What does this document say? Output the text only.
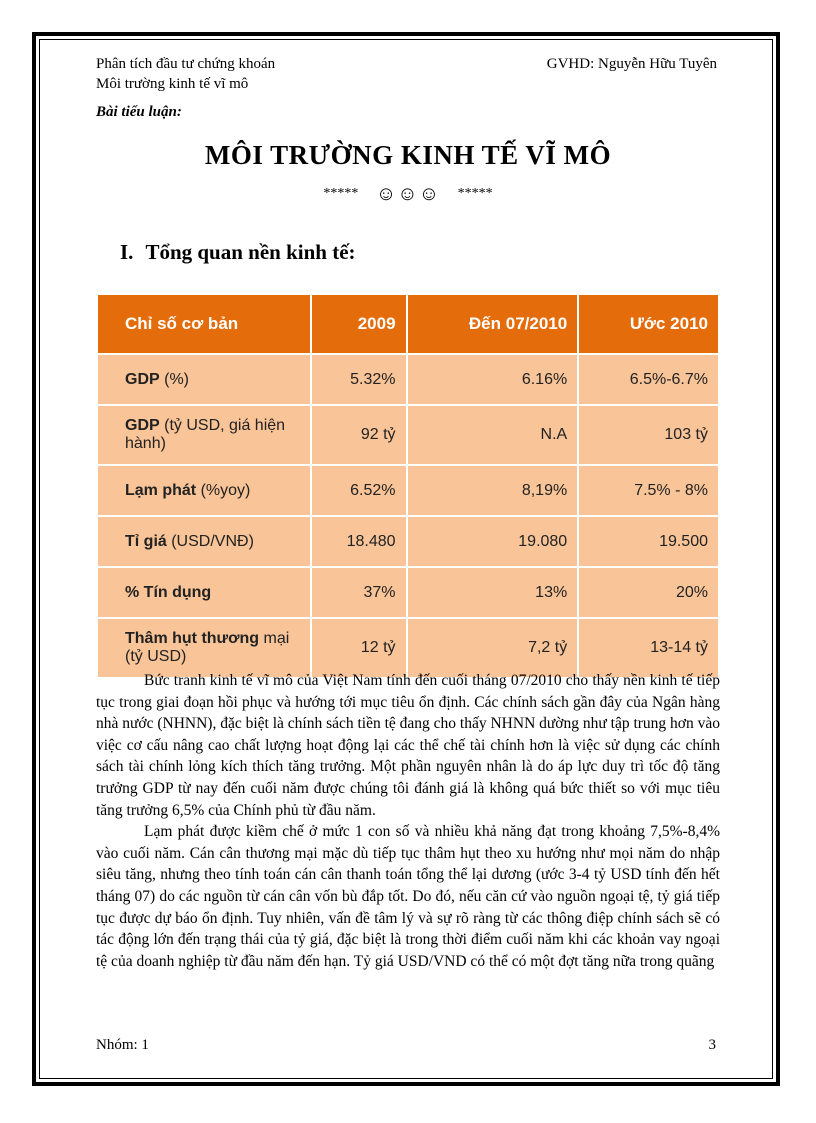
Phân tích đầu tư chứng khoán
Môi trường kinh tế vĩ mô
GVHD: Nguyễn Hữu Tuyên
Bài tiểu luận:
MÔI TRƯỜNG KINH TẾ VĨ MÔ
***** ☺☺☺ *****
I. Tổng quan nền kinh tế:
Chỉ số cơ bản	2009	Đến 07/2010	Ước 2010
GDP (%)	5.32%	6.16%	6.5%-6.7%
GDP (tỷ USD, giá hiện hành)	92 tỷ	N.A	103 tỷ
Lạm phát (%yoy)	6.52%	8,19%	7.5% - 8%
Tỉ giá (USD/VNĐ)	18.480	19.080	19.500
% Tín dụng	37%	13%	20%
Thâm hụt thương mại (tỷ USD)	12 tỷ	7,2 tỷ	13-14 tỷ

Bức tranh kinh tế vĩ mô của Việt Nam tính đến cuối tháng 07/2010 cho thấy nền kinh tế tiếp tục trong giai đoạn hồi phục và hướng tới mục tiêu ổn định. Các chính sách gần đây của Ngân hàng nhà nước (NHNN), đặc biệt là chính sách tiền tệ đang cho thấy NHNN dường như tập trung hơn vào việc cơ cấu nâng cao chất lượng hoạt động lại các thể chế tài chính hơn là việc sử dụng các chính sách tài chính lỏng kích thích tăng trưởng. Một phần nguyên nhân là do áp lực duy trì tốc độ tăng trưởng GDP từ nay đến cuối năm được chúng tôi đánh giá là không quá bức thiết so với mục tiêu tăng trưởng 6,5% của Chính phủ từ đầu năm.

Lạm phát được kiềm chế ở mức 1 con số và nhiều khả năng đạt trong khoảng 7,5%-8,4% vào cuối năm. Cán cân thương mại mặc dù tiếp tục thâm hụt theo xu hướng như mọi năm do nhập siêu tăng, nhưng theo tính toán cán cân thanh toán tổng thể lại dương (ước 3-4 tỷ USD tính đến hết tháng 07) do các nguồn từ cán cân vốn bù đắp tốt. Do đó, nếu căn cứ vào nguồn ngoại tệ, tỷ giá tiếp tục được dự báo ổn định. Tuy nhiên, vấn đề tâm lý và sự rõ ràng từ các thông điệp chính sách sẽ có tác động lớn đến trạng thái của tỷ giá, đặc biệt là trong thời điểm cuối năm khi các khoản vay ngoại tệ của doanh nghiệp từ đầu năm đến hạn. Tỷ giá USD/VND có thể có một đợt tăng nữa trong quãng

Nhóm: 1	3
